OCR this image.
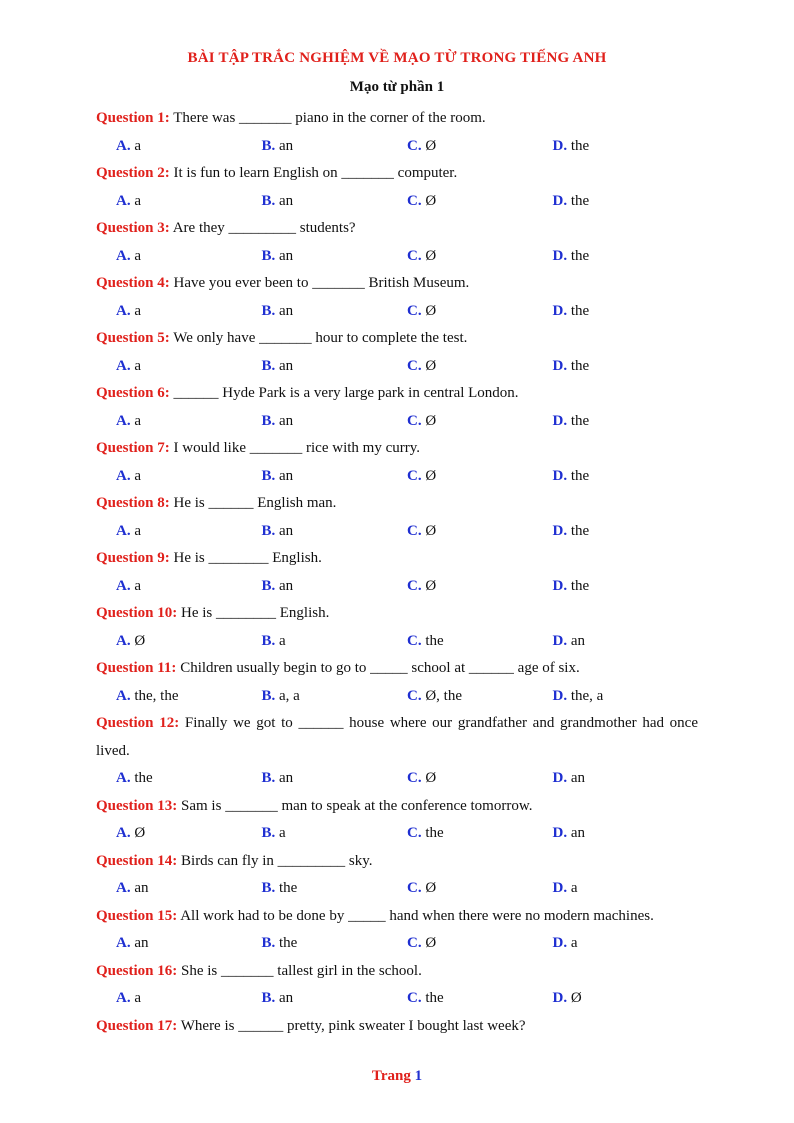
BÀI TẬP TRẮC NGHIỆM VỀ MẠO TỪ TRONG TIẾNG ANH
Mạo từ phần 1
Question 1: There was _______ piano in the corner of the room.
A. a	B. an	C. Ø	D. the
Question 2: It is fun to learn English on _______ computer.
A. a	B. an	C. Ø	D. the
Question 3: Are they _________ students?
A. a	B. an	C. Ø	D. the
Question 4: Have you ever been to _______ British Museum.
A. a	B. an	C. Ø	D. the
Question 5: We only have _______ hour to complete the test.
A. a	B. an	C. Ø	D. the
Question 6: ______ Hyde Park is a very large park in central London.
A. a	B. an	C. Ø	D. the
Question 7: I would like _______ rice with my curry.
A. a	B. an	C. Ø	D. the
Question 8: He is ______ English man.
A. a	B. an	C. Ø	D. the
Question 9: He is ________ English.
A. a	B. an	C. Ø	D. the
Question 10: He is ________ English.
A. Ø	B. a	C. the	D. an
Question 11: Children usually begin to go to _____ school at ______ age of six.
A. the, the	B. a, a	C. Ø, the	D. the, a
Question 12: Finally we got to ______ house where our grandfather and grandmother had once lived.
A. the	B. an	C. Ø	D. an
Question 13: Sam is _______ man to speak at the conference tomorrow.
A. Ø	B. a	C. the	D. an
Question 14: Birds can fly in _________ sky.
A. an	B. the	C. Ø	D. a
Question 15: All work had to be done by _____ hand when there were no modern machines.
A. an	B. the	C. Ø	D. a
Question 16: She is _______ tallest girl in the school.
A. a	B. an	C. the	D. Ø
Question 17: Where is ______ pretty, pink sweater I bought last week?
Trang 1
